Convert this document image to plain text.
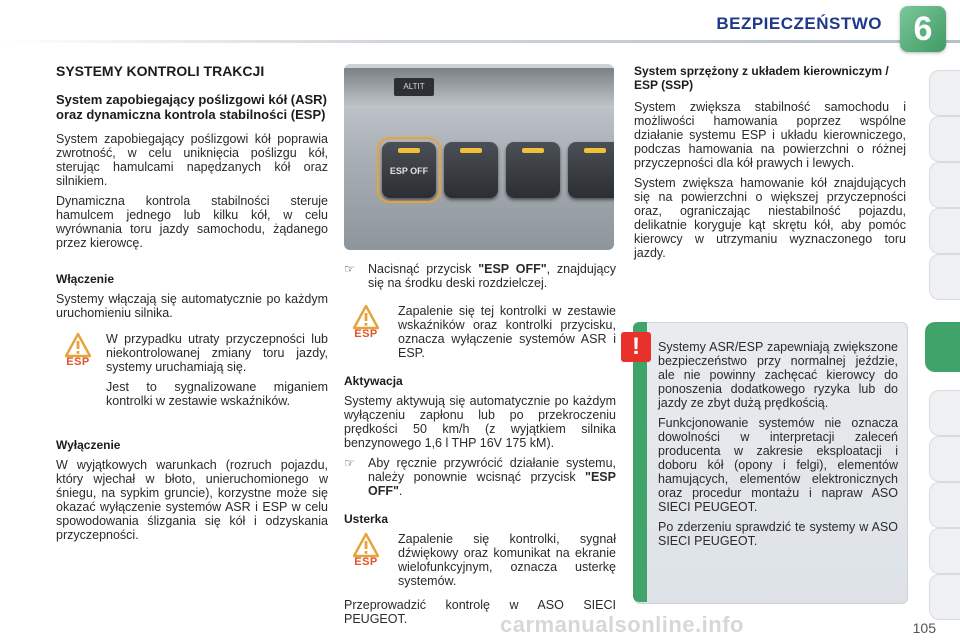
BEZPIECZEŃSTWO 6
SYSTEMY KONTROLI TRAKCJI
System zapobiegający poślizgowi kół (ASR) oraz dynamiczna kontrola stabilności (ESP)

System zapobiegający poślizgowi kół poprawia zwrotność, w celu uniknięcia poślizgu kół, sterując hamulcami napędzanych kół oraz silnikiem.

Dynamiczna kontrola stabilności steruje hamulcem jednego lub kilku kół, w celu wyrównania toru jazdy samochodu, żądanego przez kierowcę.

Włączenie

Systemy włączają się automatycznie po każdym uruchomieniu silnika.

ESP

W przypadku utraty przyczepności lub niekontrolowanej zmiany toru jazdy, systemy uruchamiają się.

Jest to sygnalizowane miganiem kontrolki w zestawie wskaźników.

Wyłączenie

W wyjątkowych warunkach (rozruch pojazdu, który wjechał w błoto, unieruchomionego w śniegu, na sypkim gruncie), korzystne może się okazać wyłączenie systemów ASR i ESP w celu spowodowania ślizgania się kół i odzyskania przyczepności.

ALTIT
ESP OFF
☞	Nacisnąć przycisk "ESP OFF", znajdujący się na środku deski rozdzielczej.

ESP

Zapalenie się tej kontrolki w zestawie wskaźników oraz kontrolki przycisku, oznacza wyłączenie systemów ASR i ESP.

Aktywacja

Systemy aktywują się automatycznie po każdym wyłączeniu zapłonu lub po przekroczeniu prędkości 50 km/h (z wyjątkiem silnika benzynowego 1,6 l THP 16V 175 kM).

☞	Aby ręcznie przywrócić działanie systemu, należy ponownie wcisnąć przycisk "ESP OFF".

Usterka
ESP

Zapalenie się kontrolki, sygnał dźwiękowy oraz komunikat na ekranie wielofunkcyjnym, oznacza usterkę systemów.

Przeprowadzić kontrolę w ASO SIECI PEUGEOT.

System sprzężony z układem kierowniczym / ESP (SSP)

System zwiększa stabilność samochodu i możliwości hamowania poprzez wspólne działanie systemu ESP i układu kierowniczego, podczas hamowania na powierzchni o różnej przyczepności dla kół prawych i lewych.

System zwiększa hamowanie kół znajdujących się na powierzchni o większej przyczepności oraz, ograniczając niestabilność pojazdu, delikatnie koryguje kąt skrętu kół, aby pomóc kierowcy w utrzymaniu wyznaczonego toru jazdy.

!	Systemy ASR/ESP zapewniają zwiększone bezpieczeństwo przy normalnej jeździe, ale nie powinny zachęcać kierowcy do ponoszenia dodatkowego ryzyka lub do jazdy ze zbyt dużą prędkością.

Funkcjonowanie systemów nie oznacza dowolności w interpretacji zaleceń producenta w zakresie eksploatacji i doboru kół (opony i felgi), elementów hamujących, elementów elektronicznych oraz procedur montażu i napraw ASO SIECI PEUGEOT.

Po zderzeniu sprawdzić te systemy w ASO SIECI PEUGEOT.

carmanualsonline.info	105
